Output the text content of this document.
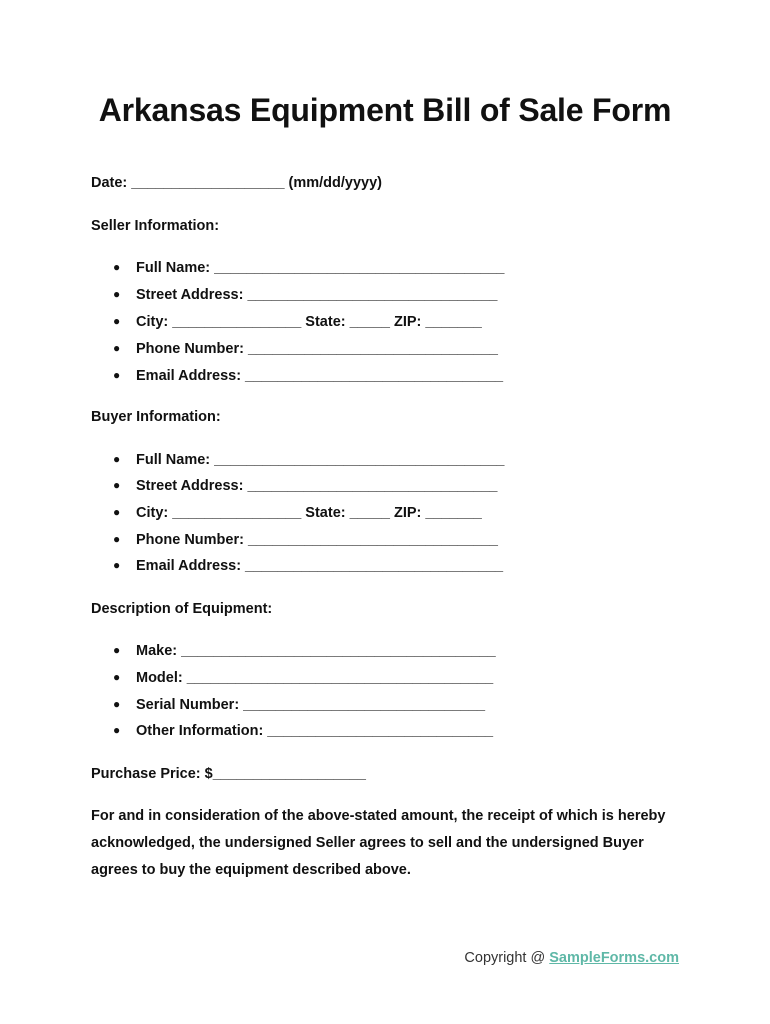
Arkansas Equipment Bill of Sale Form
Date: ___________________ (mm/dd/yyyy)
Seller Information:
● Full Name: ____________________________________
● Street Address: _______________________________
● City: ________________ State: _____ ZIP: _______
● Phone Number: _______________________________
● Email Address: ________________________________
Buyer Information:
● Full Name: ____________________________________
● Street Address: _______________________________
● City: ________________ State: _____ ZIP: _______
● Phone Number: _______________________________
● Email Address: ________________________________
Description of Equipment:
● Make: _______________________________________
● Model: ______________________________________
● Serial Number: ______________________________
● Other Information: ____________________________
Purchase Price: $___________________
For and in consideration of the above-stated amount, the receipt of which is hereby acknowledged, the undersigned Seller agrees to sell and the undersigned Buyer agrees to buy the equipment described above.
Copyright @ SampleForms.com
